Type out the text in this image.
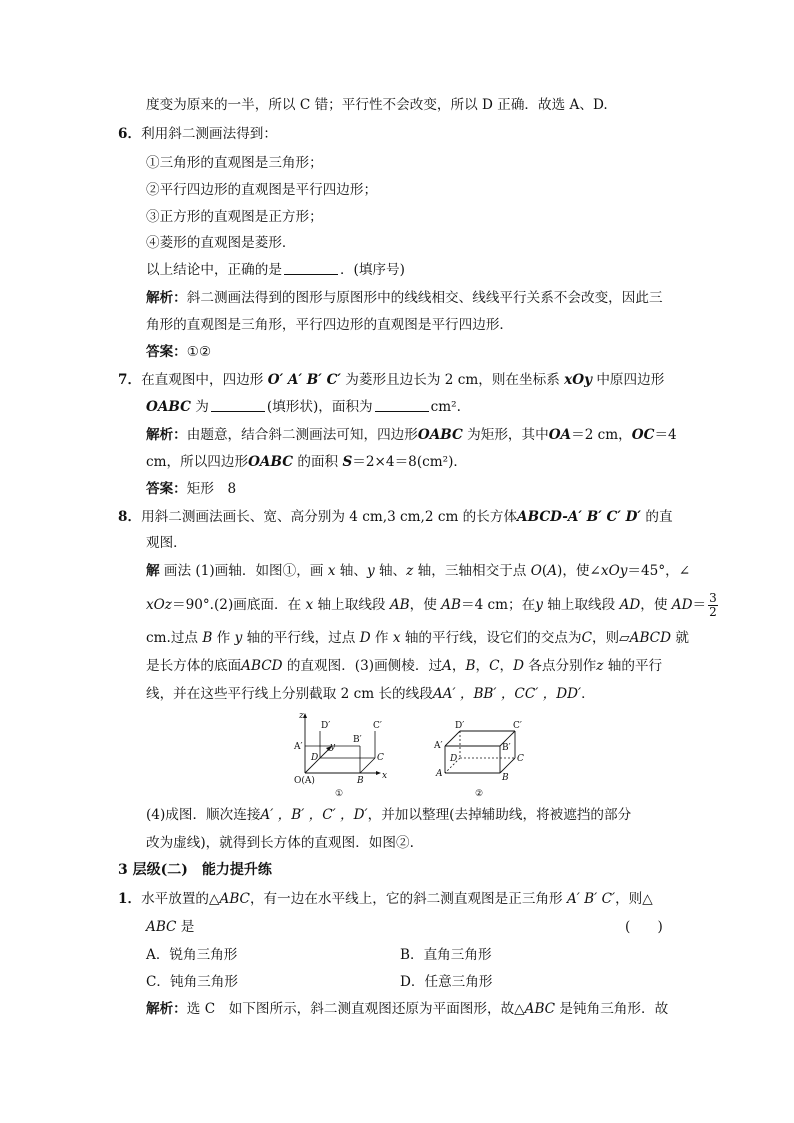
度变为原来的一半，所以 C 错；平行性不会改变，所以 D 正确．故选 A、D.
6．利用斜二测画法得到：
①三角形的直观图是三角形；
②平行四边形的直观图是平行四边形；
③正方形的直观图是正方形；
④菱形的直观图是菱形．
以上结论中，正确的是	．(填序号)
解析：斜二测画法得到的图形与原图形中的线线相交、线线平行关系不会改变，因此三
角形的直观图是三角形，平行四边形的直观图是平行四边形．
答案：①②
7．在直观图中，四边形 O′ A′ B′ C′ 为菱形且边长为 2 cm，则在坐标系 xOy 中原四边形
OABC 为	(填形状)，面积为	cm².
解析：由题意，结合斜二测画法可知，四边形OABC 为矩形，其中OA＝2 cm，OC＝4
cm，所以四边形OABC 的面积 S＝2×4＝8(cm²)．
答案：矩形　8
8．用斜二测画法画长、宽、高分别为 4 cm,3 cm,2 cm 的长方体ABCD-A′ B′ C′ D′ 的直
观图．
解 画法 (1)画轴．如图①，画 x 轴、y 轴、z 轴，三轴相交于点 O(A)，使∠xOy＝45°，∠
xOz＝90°.(2)画底面．在 x 轴上取线段 AB，使 AB＝4 cm；在y 轴上取线段 AD，使 $AD= \frac{3}{2}$
cm.过点 B 作 y 轴的平行线，过点 D 作 x 轴的平行线，设它们的交点为C，则▱ABCD 就
是长方体的底面ABCD 的直观图．(3)画侧棱．过A，B，C，D 各点分别作z 轴的平行
线，并在这些平行线上分别截取 2 cm 长的线段AA′ ，BB′ ，CC′ ，DD′．
z
D′	C′
B′
A′
D	C
B x
y
O(A)
①
D′	C′
A′	B′
D	C
A	B
②
(4)成图．顺次连接A′ ，B′ ，C′ ，D′，并加以整理(去掉辅助线，将被遮挡的部分
改为虚线)，就得到长方体的直观图．如图②.
3 层级(二)　能力提升练
1．水平放置的△ABC，有一边在水平线上，它的斜二测直观图是正三角形 A′ B′ C′，则△
ABC 是	(　　)
A．锐角三角形	B．直角三角形
C．钝角三角形	D．任意三角形
解析：选 C　如下图所示，斜二测直观图还原为平面图形，故△ABC 是钝角三角形．故
